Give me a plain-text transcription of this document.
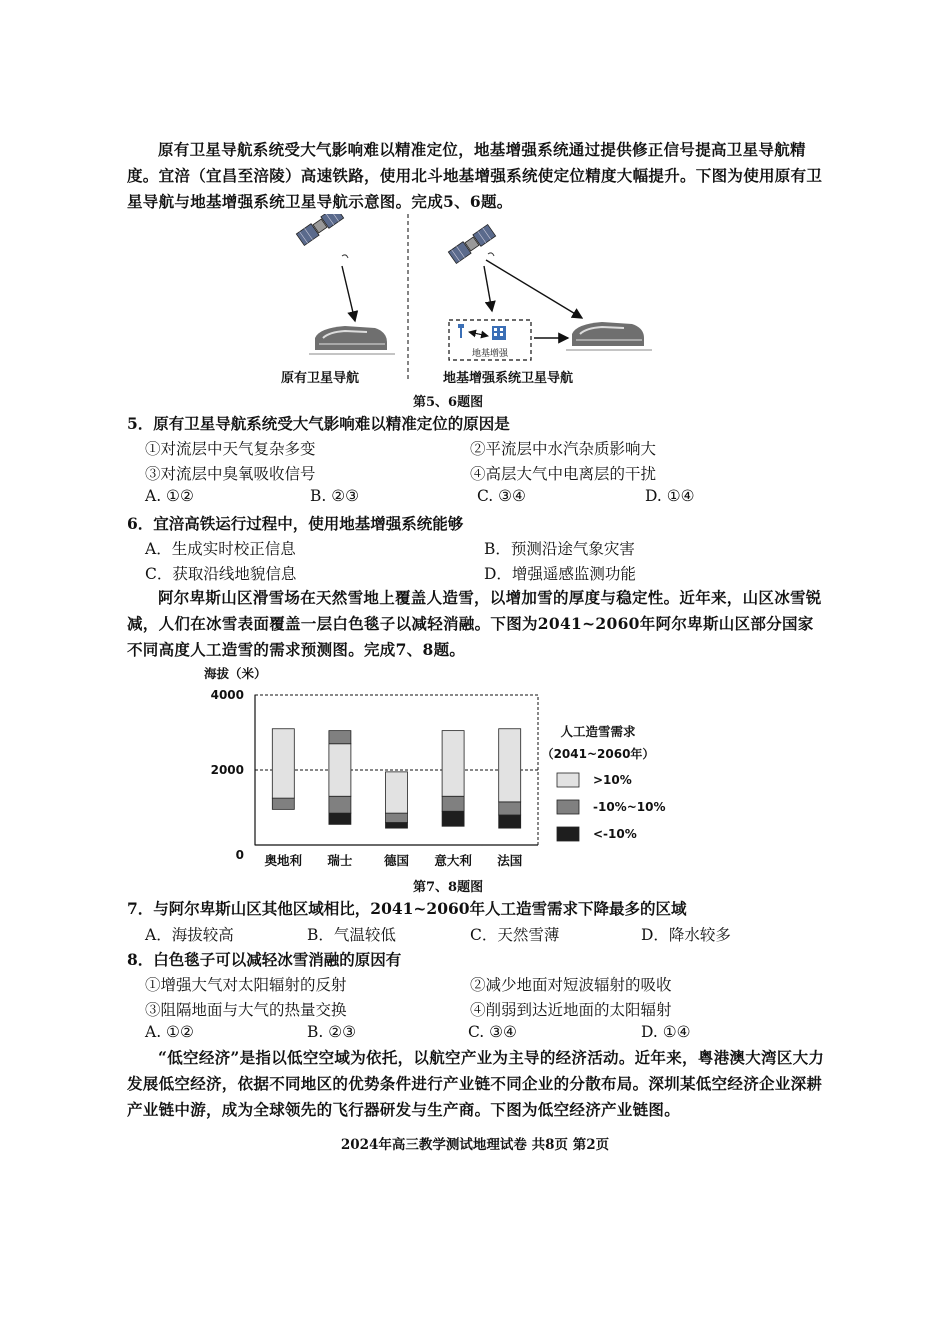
原有卫星导航系统受大气影响难以精准定位，地基增强系统通过提供修正信号提高卫星导航精度。宜涪（宜昌至涪陵）高速铁路，使用北斗地基增强系统使定位精度大幅提升。下图为使用原有卫星导航与地基增强系统卫星导航示意图。完成5、6题。
地基增强
原有卫星导航	地基增强系统卫星导航
第5、6题图
5．原有卫星导航系统受大气影响难以精准定位的原因是
①对流层中天气复杂多变	②平流层中水汽杂质影响大
③对流层中臭氧吸收信号	④高层大气中电离层的干扰
A. ①②	B. ②③	C. ③④	D. ①④
6．宜涪高铁运行过程中，使用地基增强系统能够
A．生成实时校正信息	B．预测沿途气象灾害
C．获取沿线地貌信息	D．增强遥感监测功能
阿尔卑斯山区滑雪场在天然雪地上覆盖人造雪，以增加雪的厚度与稳定性。近年来，山区冰雪锐减，人们在冰雪表面覆盖一层白色毯子以减轻消融。下图为2041~2060年阿尔卑斯山区部分国家不同高度人工造雪的需求预测图。完成7、8题。
海拔（米）
4000
2000
0 奥地利 瑞士	德国 意大利 法国
人工造雪需求
（2041~2060年）
>10%
-10%~10%
<-10%
第7、8题图
7．与阿尔卑斯山区其他区域相比，2041~2060年人工造雪需求下降最多的区域
A．海拔较高	B．气温较低	C．天然雪薄	D．降水较多
8．白色毯子可以减轻冰雪消融的原因有
①增强大气对太阳辐射的反射	②减少地面对短波辐射的吸收
③阻隔地面与大气的热量交换	④削弱到达近地面的太阳辐射
A. ①②	B. ②③	C. ③④	D. ①④
“低空经济”是指以低空空域为依托，以航空产业为主导的经济活动。近年来，粤港澳大湾区大力发展低空经济，依据不同地区的优势条件进行产业链不同企业的分散布局。深圳某低空经济企业深耕产业链中游，成为全球领先的飞行器研发与生产商。下图为低空经济产业链图。
2024年高三教学测试地理试卷 共8页 第2页
